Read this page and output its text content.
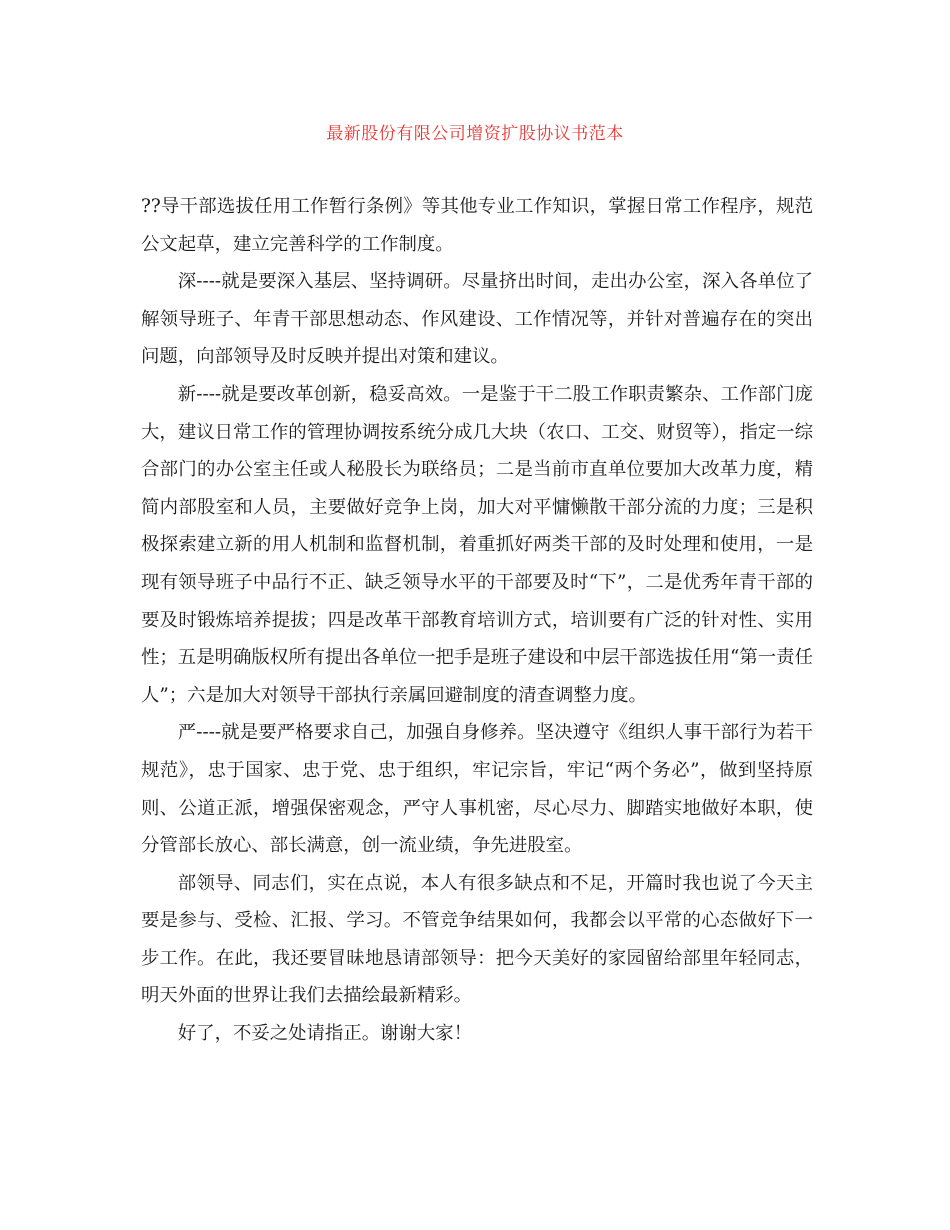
最新股份有限公司增资扩股协议书范本

??导干部选拔任用工作暂行条例》等其他专业工作知识，掌握日常工作程序，规范公文起草，建立完善科学的工作制度。

深----就是要深入基层、坚持调研。尽量挤出时间，走出办公室，深入各单位了解领导班子、年青干部思想动态、作风建设、工作情况等，并针对普遍存在的突出问题，向部领导及时反映并提出对策和建议。

新----就是要改革创新，稳妥高效。一是鉴于干二股工作职责繁杂、工作部门庞大，建议日常工作的管理协调按系统分成几大块（农口、工交、财贸等），指定一综合部门的办公室主任或人秘股长为联络员；二是当前市直单位要加大改革力度，精简内部股室和人员，主要做好竞争上岗，加大对平慵懒散干部分流的力度；三是积极探索建立新的用人机制和监督机制，着重抓好两类干部的及时处理和使用，一是现有领导班子中品行不正、缺乏领导水平的干部要及时“下”，二是优秀年青干部的要及时锻炼培养提拔；四是改革干部教育培训方式，培训要有广泛的针对性、实用性；五是明确版权所有提出各单位一把手是班子建设和中层干部选拔任用“第一责任人”；六是加大对领导干部执行亲属回避制度的清查调整力度。

严----就是要严格要求自己，加强自身修养。坚决遵守《组织人事干部行为若干规范》，忠于国家、忠于党、忠于组织，牢记宗旨，牢记“两个务必”，做到坚持原则、公道正派，增强保密观念，严守人事机密，尽心尽力、脚踏实地做好本职，使分管部长放心、部长满意，创一流业绩，争先进股室。

部领导、同志们，实在点说，本人有很多缺点和不足，开篇时我也说了今天主要是参与、受检、汇报、学习。不管竞争结果如何，我都会以平常的心态做好下一步工作。在此，我还要冒昧地恳请部领导：把今天美好的家园留给部里年轻同志，明天外面的世界让我们去描绘最新精彩。

好了，不妥之处请指正。谢谢大家！
